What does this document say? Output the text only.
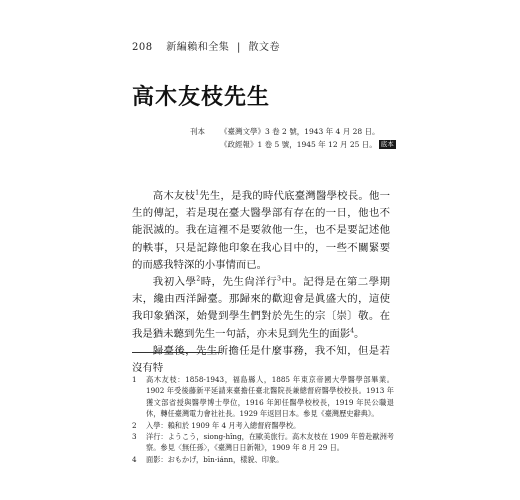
208 新編賴和全集 | 散文卷
高木友枝先生
刊本 《臺灣文學》3 卷 2 號，1943 年 4 月 28 日。
《政經報》1 卷 5 號，1945 年 12 月 25 日。 底本

高木友枝$^1$先生，是我的時代底臺灣醫學校長。他一生的傳記，若是現在臺大醫學部有存在的一日，他也不能泯滅的。我在這裡不是要敘他一生，也不是要記述他的軼事，只是記錄他印象在我心目中的，一些不關緊要的而感我特深的小事情而已。

我初入學$^2$時，先生尙洋行$^3$中。記得是在第二學期末，纔由西洋歸臺。那歸來的歡迎會是眞盛大的，這使我印象猶深，始覺到學生們對於先生的宗〔崇〕敬。在我是猶未聽到先生一句話，亦未見到先生的面影$^4$。

歸臺後，先生所擔任是什麼事務，我不知，但是若沒有特

1	高木友枝：1858-1943，福島縣人，1885 年東京帝國大學醫學部畢業。1902 年受後藤新平延請來臺擔任臺北醫院長兼總督府醫學校校長。1913 年獲文部省授與醫學博士學位，1916 年卸任醫學校校長，1919 年民公職退休，轉任臺灣電力會社社長。1929 年返回日本。參見《臺灣歷史辭典》。
2	入學：賴和於 1909 年 4 月考入總督府醫學校。
3	洋行：ようこう，siong-hîng，在歐美旅行。高木友枝在 1909 年曾赴歐洲考察。參見〈無任孫〉，《臺灣日日新報》，1909 年 8 月 29 日。
4	面影：おもかげ，bīn-iánn，樣貌、印象。
